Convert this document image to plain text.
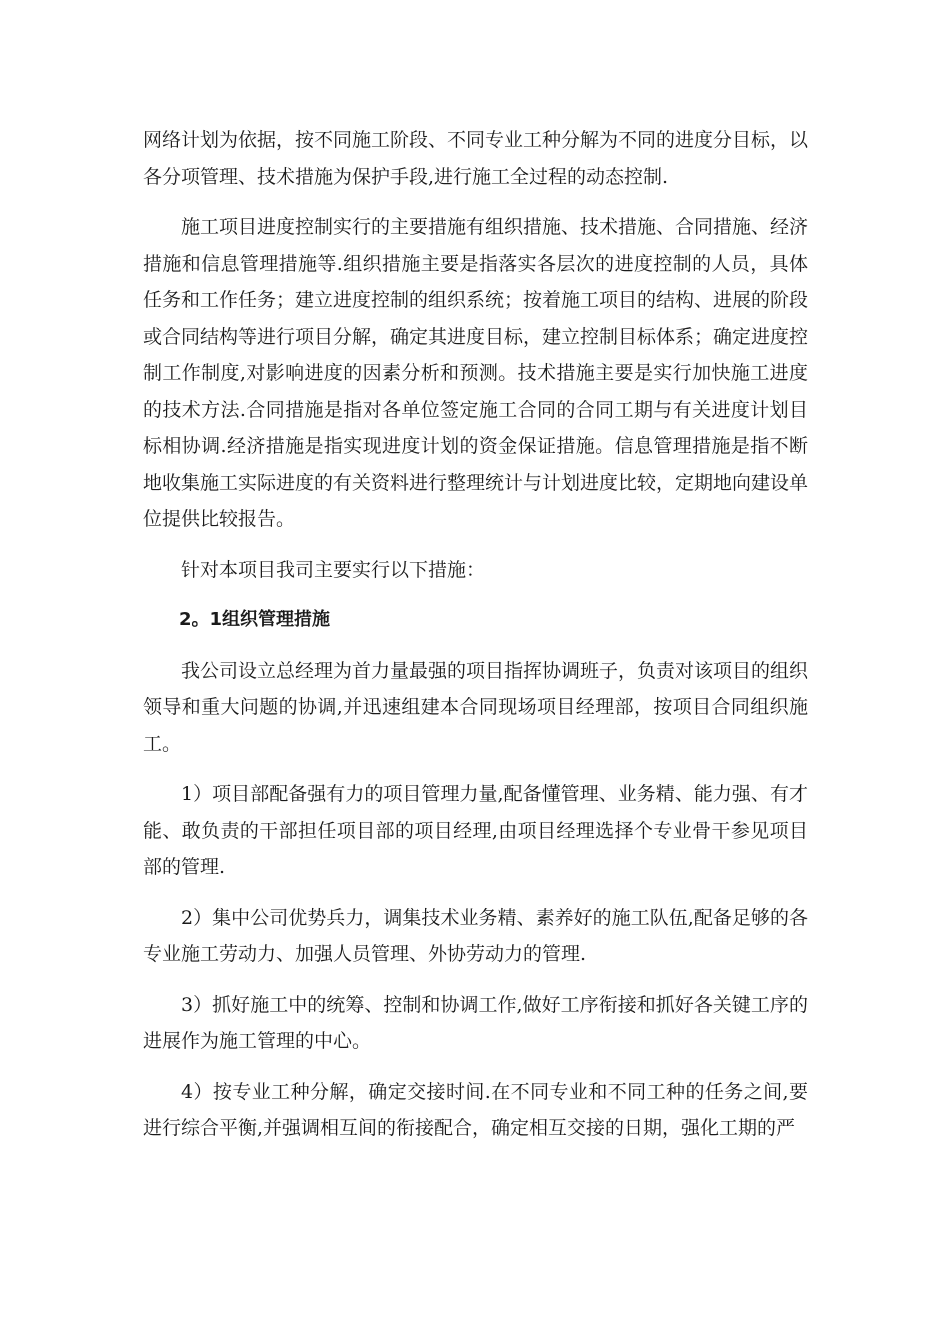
网络计划为依据，按不同施工阶段、不同专业工种分解为不同的进度分目标，以各分项管理、技术措施为保护手段,进行施工全过程的动态控制.

施工项目进度控制实行的主要措施有组织措施、技术措施、合同措施、经济措施和信息管理措施等.组织措施主要是指落实各层次的进度控制的人员，具体任务和工作任务；建立进度控制的组织系统；按着施工项目的结构、进展的阶段或合同结构等进行项目分解，确定其进度目标，建立控制目标体系；确定进度控制工作制度,对影响进度的因素分析和预测。技术措施主要是实行加快施工进度的技术方法.合同措施是指对各单位签定施工合同的合同工期与有关进度计划目标相协调.经济措施是指实现进度计划的资金保证措施。信息管理措施是指不断地收集施工实际进度的有关资料进行整理统计与计划进度比较，定期地向建设单位提供比较报告。

针对本项目我司主要实行以下措施：

2。1组织管理措施

我公司设立总经理为首力量最强的项目指挥协调班子，负责对该项目的组织领导和重大问题的协调,并迅速组建本合同现场项目经理部，按项目合同组织施工。

1）项目部配备强有力的项目管理力量,配备懂管理、业务精、能力强、有才能、敢负责的干部担任项目部的项目经理,由项目经理选择个专业骨干参见项目部的管理.

2）集中公司优势兵力，调集技术业务精、素养好的施工队伍,配备足够的各专业施工劳动力、加强人员管理、外协劳动力的管理.

3）抓好施工中的统筹、控制和协调工作,做好工序衔接和抓好各关键工序的进展作为施工管理的中心。

4）按专业工种分解，确定交接时间.在不同专业和不同工种的任务之间,要进行综合平衡,并强调相互间的衔接配合，确定相互交接的日期，强化工期的严
